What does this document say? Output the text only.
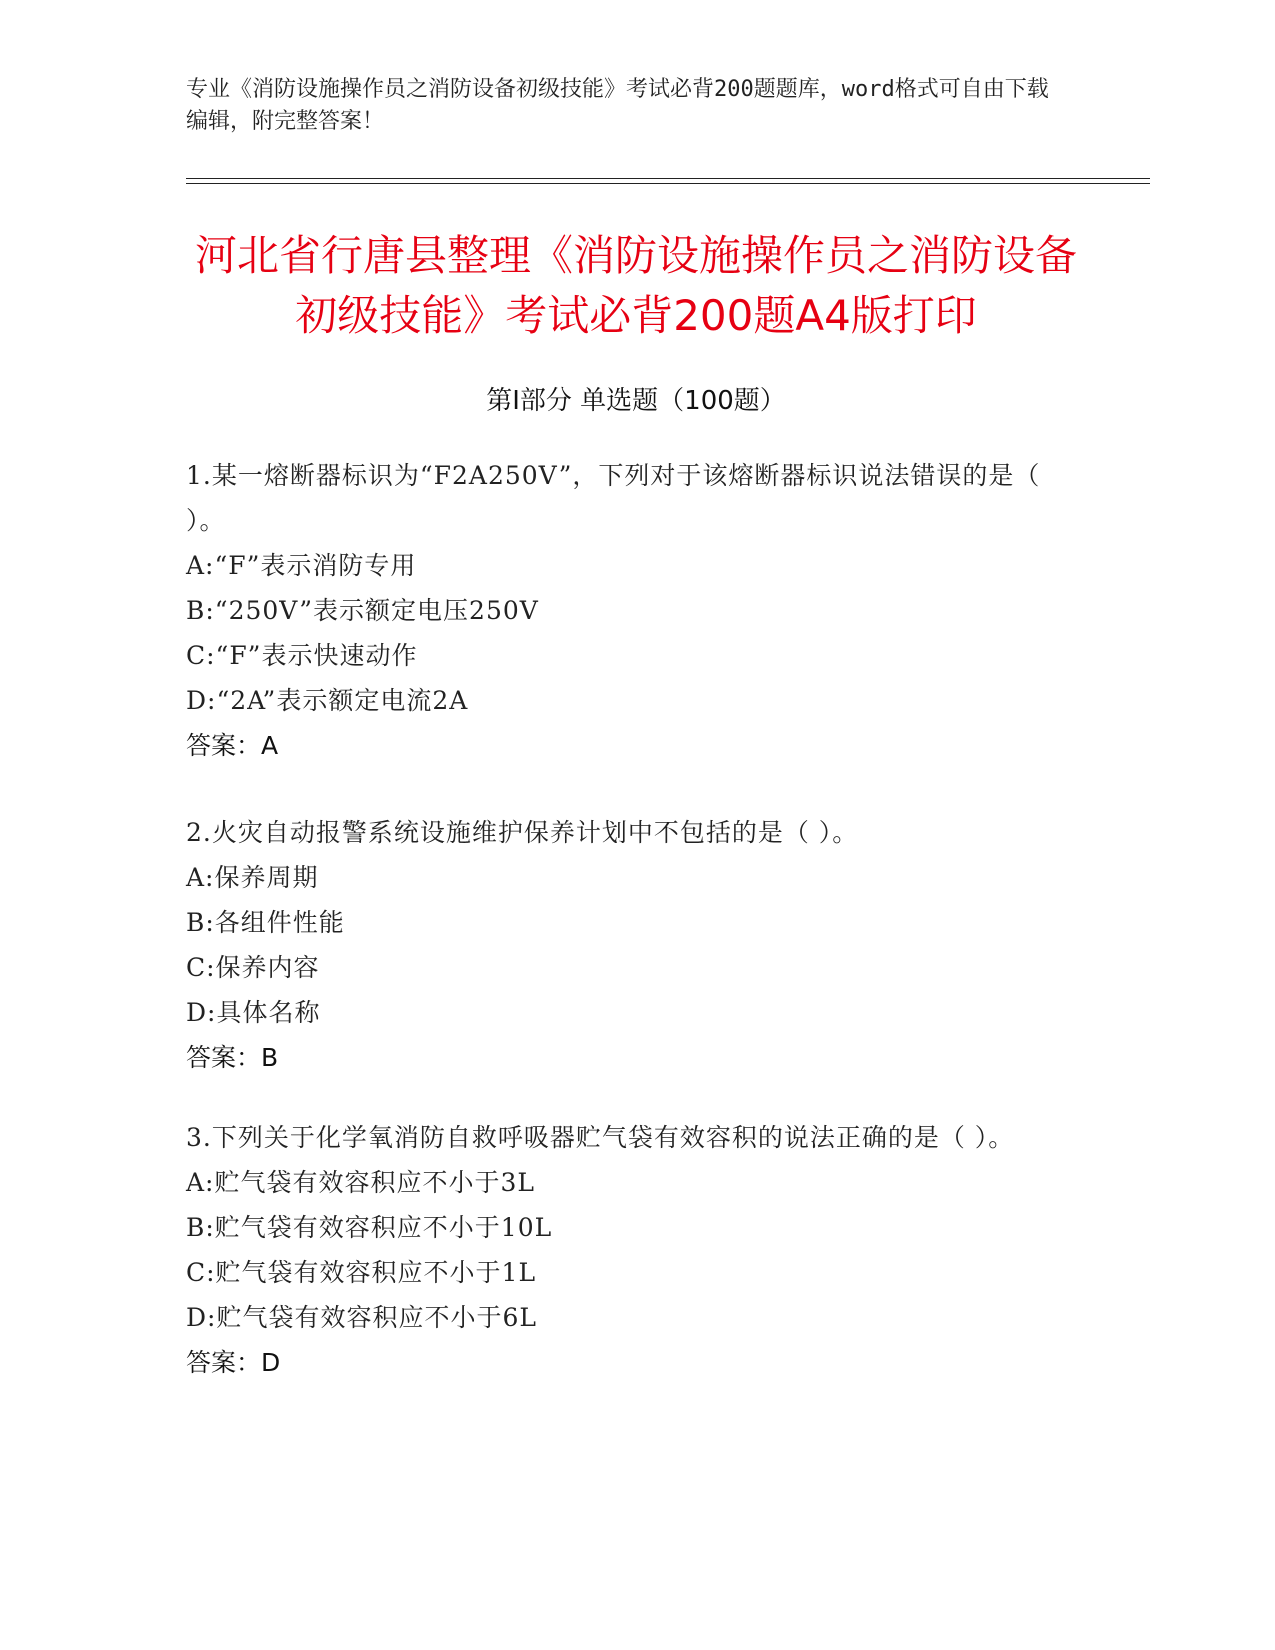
专业《消防设施操作员之消防设备初级技能》考试必背200题题库，word格式可自由下载编辑，附完整答案！
河北省行唐县整理《消防设施操作员之消防设备初级技能》考试必背200题A4版打印
第Ⅰ部分 单选题（100题）

1.某一熔断器标识为“F2A250V”，下列对于该熔断器标识说法错误的是（ ）。

A:“F”表示消防专用

B:“250V”表示额定电压250V

C:“F”表示快速动作

D:“2A”表示额定电流2A

答案：A

2.火灾自动报警系统设施维护保养计划中不包括的是（ ）。

A:保养周期

B:各组件性能

C:保养内容

D:具体名称

答案：B

3.下列关于化学氧消防自救呼吸器贮气袋有效容积的说法正确的是（ ）。

A:贮气袋有效容积应不小于3L

B:贮气袋有效容积应不小于10L

C:贮气袋有效容积应不小于1L

D:贮气袋有效容积应不小于6L

答案：D
